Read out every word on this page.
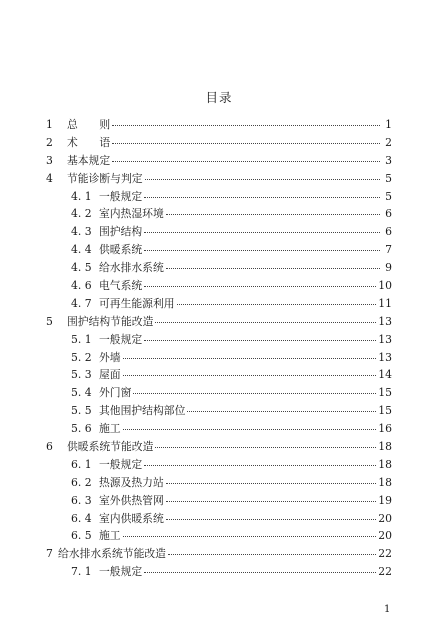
目录
1	总　　则	1
2	术　　语	2
3	基本规定	3
4	节能诊断与判定	5
4. 1 一般规定	5
4. 2 室内热湿环境	6
4. 3 围护结构	6
4. 4 供暖系统	7
4. 5 给水排水系统	9
4. 6 电气系统	10
4. 7 可再生能源利用	11
5	围护结构节能改造	13
5. 1 一般规定	13
5. 2 外墙	13
5. 3 屋面	14
5. 4 外门窗	15
5. 5 其他围护结构部位	15
5. 6 施工	16
6	供暖系统节能改造	18
6. 1 一般规定	18
6. 2 热源及热力站	18
6. 3 室外供热管网	19
6. 4 室内供暖系统	20
6. 5 施工	20
7 给水排水系统节能改造	22
7. 1 一般规定	22
1
